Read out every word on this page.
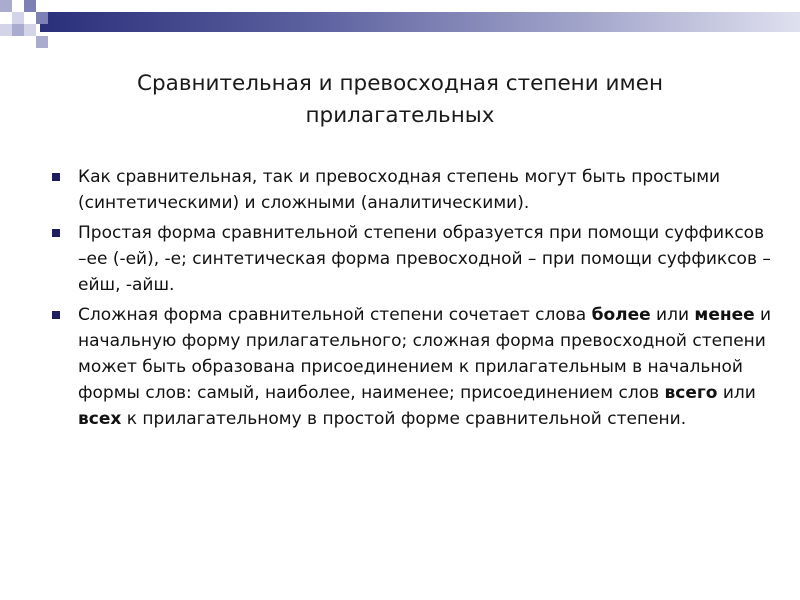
Сравнительная и превосходная степени имен прилагательных
Как сравнительная, так и превосходная степень могут быть простыми (синтетическими) и сложными (аналитическими).
Простая форма сравнительной степени образуется при помощи суффиксов –ее (-ей), -е; синтетическая форма превосходной – при помощи суффиксов –ейш, -айш.
Сложная форма сравнительной степени сочетает слова более или менее и начальную форму прилагательного; сложная форма превосходной степени может быть образована присоединением к прилагательным в начальной формы слов: самый, наиболее, наименее; присоединением слов всего или всех к прилагательному в простой форме сравнительной степени.
